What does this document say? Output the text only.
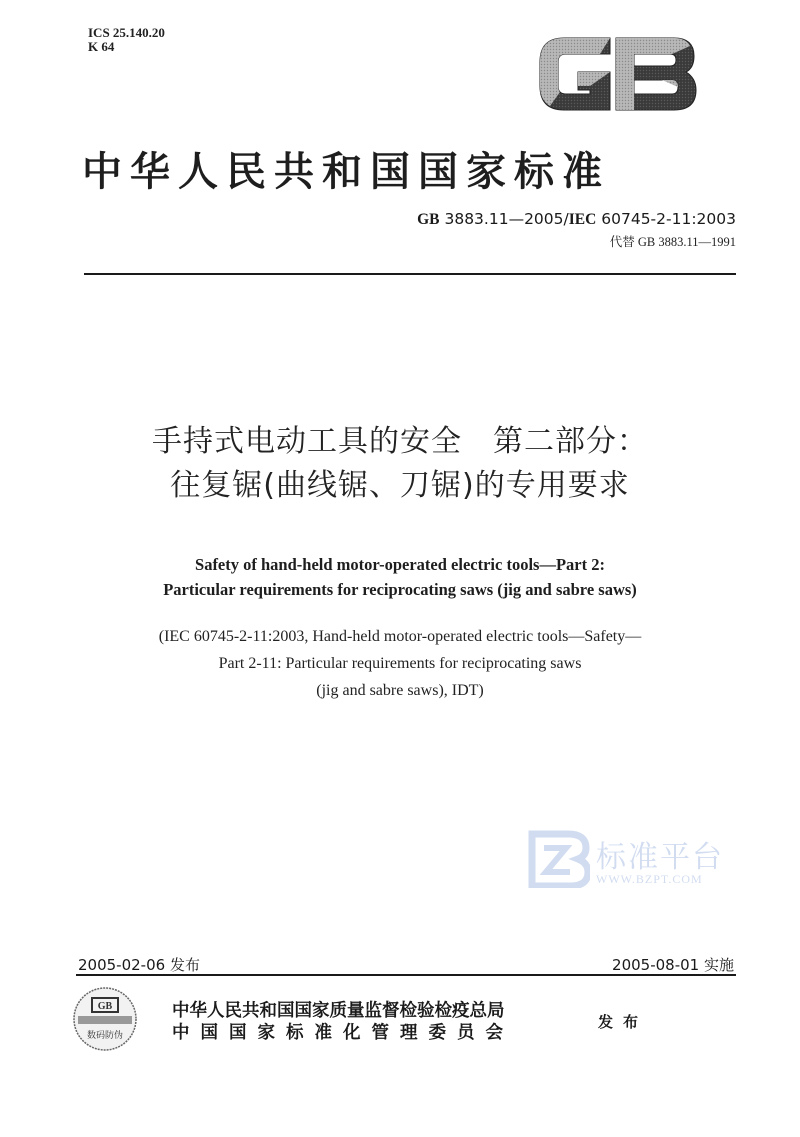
ICS 25.140.20
K 64
中华人民共和国国家标准
GB 3883.11—2005/IEC 60745-2-11:2003
代替 GB 3883.11—1991
手持式电动工具的安全　第二部分：
往复锯(曲线锯、刀锯)的专用要求
Safety of hand-held motor-operated electric tools—Part 2:
Particular requirements for reciprocating saws (jig and sabre saws)
(IEC 60745-2-11:2003, Hand-held motor-operated electric tools—Safety—
Part 2-11: Particular requirements for reciprocating saws
(jig and sabre saws), IDT)
标准平台
WWW.BZPT.COM
2005-02-06 发布	2005-08-01 实施
GB
数码防伪
中华人民共和国国家质量监督检验检疫总局
中国国家标准化管理委员会
发布
